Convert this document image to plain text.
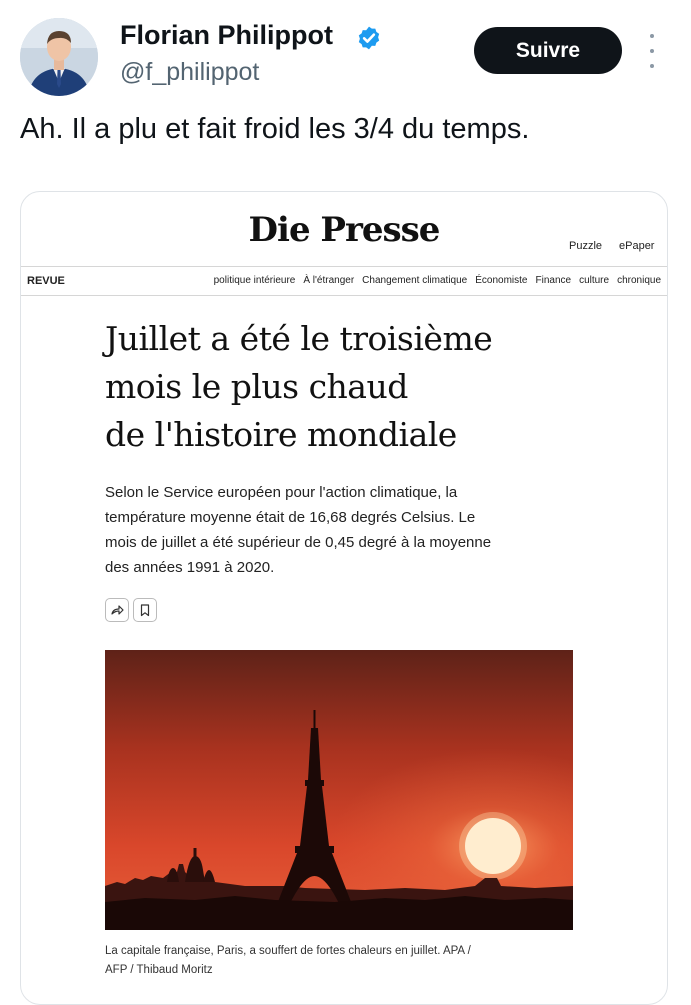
Florian Philippot
@f_philippot
Suivre
Ah. Il a plu et fait froid les 3/4 du temps.
Die Presse	Puzzle ePaper
REVUE	politique intérieure À l'étranger Changement climatique Économiste Finance culture chronique
Juillet a été le troisième
mois le plus chaud
de l'histoire mondiale
Selon le Service européen pour l'action climatique, la
température moyenne était de 16,68 degrés Celsius. Le
mois de juillet a été supérieur de 0,45 degré à la moyenne
des années 1991 à 2020.
La capitale française, Paris, a souffert de fortes chaleurs en juillet. APA /
AFP / Thibaud Moritz
